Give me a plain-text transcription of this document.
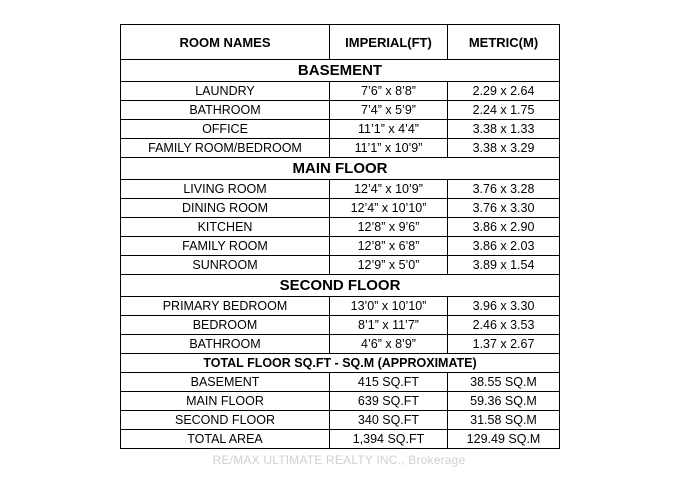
ROOM NAMES	IMPERIAL(FT)	METRIC(M)
BASEMENT		
LAUNDRY	7’6” x 8’8”	2.29 x 2.64
BATHROOM	7’4” x 5’9”	2.24 x 1.75
OFFICE	11’1” x 4’4”	3.38 x 1.33
FAMILY ROOM/BEDROOM	11’1” x 10’9”	3.38 x 3.29
MAIN FLOOR		
LIVING ROOM	12’4” x 10’9”	3.76 x 3.28
DINING ROOM	12’4” x 10’10”	3.76 x 3.30
KITCHEN	12’8” x 9’6”	3.86 x 2.90
FAMILY ROOM	12’8” x 6’8”	3.86 x 2.03
SUNROOM	12’9” x 5’0”	3.89 x 1.54
SECOND FLOOR		
PRIMARY BEDROOM	13’0” x 10’10”	3.96 x 3.30
BEDROOM	8’1” x 11’7”	2.46 x 3.53
BATHROOM	4’6” x 8’9”	1.37 x 2.67
TOTAL FLOOR SQ.FT - SQ.M (APPROXIMATE)		
BASEMENT	415 SQ.FT	38.55 SQ.M
MAIN FLOOR	639 SQ.FT	59.36 SQ.M
SECOND FLOOR	340 SQ.FT	31.58 SQ.M
TOTAL AREA	1,394 SQ.FT	129.49 SQ.M
RE/MAX ULTIMATE REALTY INC., Brokerage
